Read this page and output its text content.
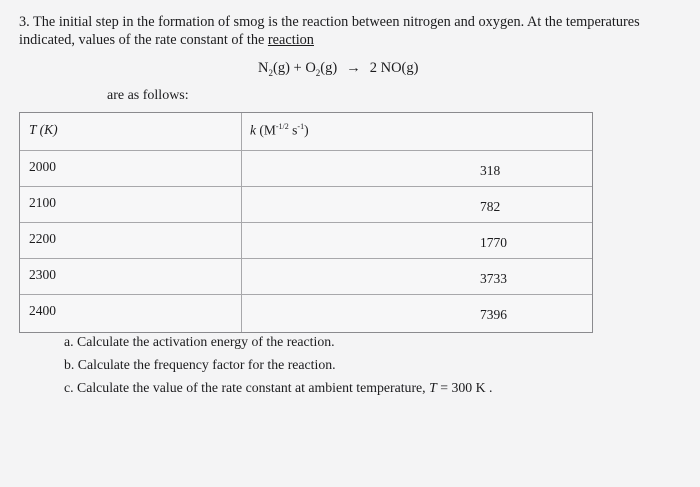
3. The initial step in the formation of smog is the reaction between nitrogen and oxygen. At the temperatures indicated, values of the rate constant of the reaction
$N_2(g) + O_2(g) \to 2$ NO(g)
are as follows:
T (K)	k ($M^{-1/2}$ $s^{-1}$)
2000	318
2100	782
2200	1770
2300	3733
2400	7396
a. Calculate the activation energy of the reaction.
b. Calculate the frequency factor for the reaction.
c. Calculate the value of the rate constant at ambient temperature, T = 300 K .
